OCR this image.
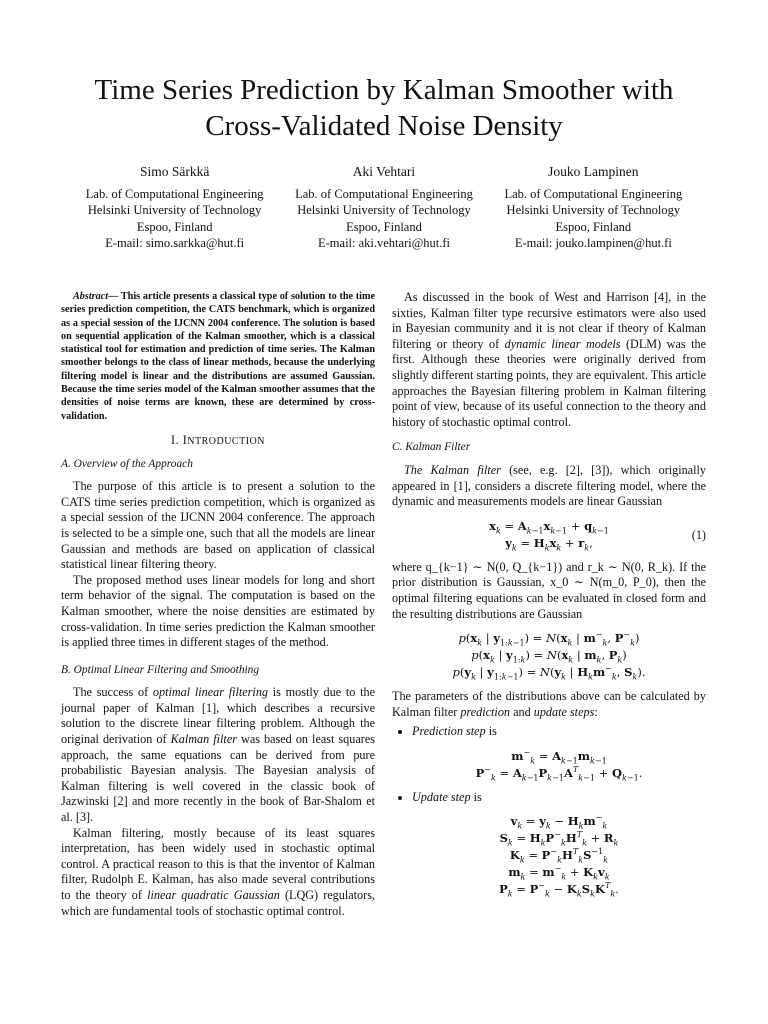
Time Series Prediction by Kalman Smoother with
Cross-Validated Noise Density
Simo Särkkä
Lab. of Computational Engineering
Helsinki University of Technology
Espoo, Finland
E-mail: simo.sarkka@hut.fi
Aki Vehtari
Lab. of Computational Engineering
Helsinki University of Technology
Espoo, Finland
E-mail: aki.vehtari@hut.fi
Jouko Lampinen
Lab. of Computational Engineering
Helsinki University of Technology
Espoo, Finland
E-mail: jouko.lampinen@hut.fi

Abstract— This article presents a classical type of solution to the time series prediction competition, the CATS benchmark, which is organized as a special session of the IJCNN 2004 conference. The solution is based on sequential application of the Kalman smoother, which is a classical statistical tool for estimation and prediction of time series. The Kalman smoother belongs to the class of linear methods, because the underlying filtering model is linear and the distributions are assumed Gaussian. Because the time series model of the Kalman smoother assumes that the densities of noise terms are known, these are determined by cross-validation.

I. INTRODUCTION
A. Overview of the Approach

The purpose of this article is to present a solution to the CATS time series prediction competition, which is organized as a special session of the IJCNN 2004 conference. The approach is selected to be a simple one, such that all the models are linear Gaussian and methods are based on application of classical statistical linear filtering theory.

The proposed method uses linear models for long and short term behavior of the signal. The computation is based on the Kalman smoother, where the noise densities are estimated by cross-validation. In time series prediction the Kalman smoother is applied three times in different stages of the method.

B. Optimal Linear Filtering and Smoothing

The success of optimal linear filtering is mostly due to the journal paper of Kalman [1], which describes a recursive solution to the discrete linear filtering problem. Although the original derivation of Kalman filter was based on least squares approach, the same equations can be derived from pure probabilistic Bayesian analysis. The Bayesian analysis of Kalman filtering is well covered in the classic book of Jazwinski [2] and more recently in the book of Bar-Shalom et al. [3].

Kalman filtering, mostly because of its least squares interpretation, has been widely used in stochastic optimal control. A practical reason to this is that the inventor of Kalman filter, Rudolph E. Kalman, has also made several contributions to the theory of linear quadratic Gaussian (LQG) regulators, which are fundamental tools of stochastic optimal control.

As discussed in the book of West and Harrison [4], in the sixties, Kalman filter type recursive estimators were also used in Bayesian community and it is not clear if theory of Kalman filtering or theory of dynamic linear models (DLM) was the first. Although these theories were originally derived from slightly different starting points, they are equivalent. This article approaches the Bayesian filtering problem in Kalman filtering point of view, because of its useful connection to the theory and history of stochastic optimal control.

C. Kalman Filter

The Kalman filter (see, e.g. [2], [3]), which originally appeared in [1], considers a discrete filtering model, where the dynamic and measurements models are linear Gaussian

$x_k = A_{k-1}x_{k-1} + q_{k-1}$
$y_k = H_kx_k + r_k$,
(1)

where q_{k−1} ∼ N(0, Q_{k−1}) and r_k ∼ N(0, R_k). If the prior distribution is Gaussian, x_0 ∼ N(m_0, P_0), then the optimal filtering equations can be evaluated in closed form and the resulting distributions are Gaussian

$p(x_k$ | $y_{1:k-1}) = N(x_k$ | $m^-_k$, $P^-_k$)
$p(x_k$ | $y_{1:k}) = N(x_k$ | $m_k$, $P_k$)
$p(y_k$ | $y_{1:k-1}) = N(y_k$ | $H_km^-_k$, $S_k$).

The parameters of the distributions above can be calculated by Kalman filter prediction and update steps:

• Prediction step is
$m^-_k = A_{k-1}m_{k-1}$
$P^-_k = A_{k-1}P_{k-1}A^T_{k-1} + Q_{k-1}$.
• Update step is
$v_k = y_k - H_km^-_k$
$S_k = H_kP^-_kH^T_k + R_k$
$K_k = P^-_kH^T_kS^{-1}_k$
$m_k = m^-_k + K_kv_k$
$P_k = P^-_k - K_kS_kK^T_k$.
